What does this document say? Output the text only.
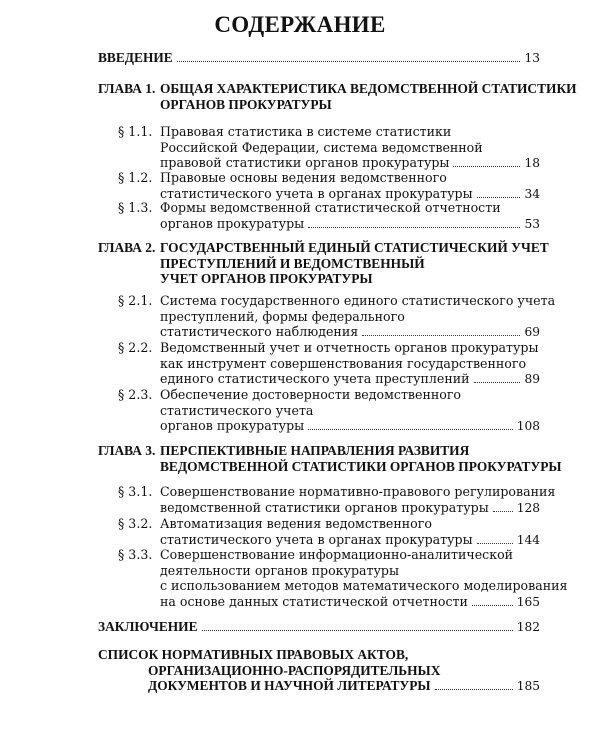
СОДЕРЖАНИЕ
ВВЕДЕНИЕ	13
ГЛАВА 1. ОБЩАЯ ХАРАКТЕРИСТИКА ВЕДОМСТВЕННОЙ СТАТИСТИКИ
ОРГАНОВ ПРОКУРАТУРЫ
§ 1.1. Правовая статистика в системе статистики
Российской Федерации, система ведомственной
правовой статистики органов прокуратуры	18
§ 1.2. Правовые основы ведения ведомственного
статистического учета в органах прокуратуры	34
§ 1.3. Формы ведомственной статистической отчетности
органов прокуратуры	53
ГЛАВА 2. ГОСУДАРСТВЕННЫЙ ЕДИНЫЙ СТАТИСТИЧЕСКИЙ УЧЕТ
ПРЕСТУПЛЕНИЙ И ВЕДОМСТВЕННЫЙ
УЧЕТ ОРГАНОВ ПРОКУРАТУРЫ
§ 2.1. Система государственного единого статистического учета
преступлений, формы федерального
статистического наблюдения	69
§ 2.2. Ведомственный учет и отчетность органов прокуратуры
как инструмент совершенствования государственного
единого статистического учета преступлений	89
§ 2.3. Обеспечение достоверности ведомственного
статистического учета
органов прокуратуры	108
ГЛАВА 3. ПЕРСПЕКТИВНЫЕ НАПРАВЛЕНИЯ РАЗВИТИЯ
ВЕДОМСТВЕННОЙ СТАТИСТИКИ ОРГАНОВ ПРОКУРАТУРЫ
§ 3.1. Совершенствование нормативно-правового регулирования
ведомственной статистики органов прокуратуры 128
§ 3.2. Автоматизация ведения ведомственного
статистического учета в органах прокуратуры	144
§ 3.3. Совершенствование информационно-аналитической
деятельности органов прокуратуры
с использованием методов математического моделирования
на основе данных статистической отчетности	165
ЗАКЛЮЧЕНИЕ	182
СПИСОК НОРМАТИВНЫХ ПРАВОВЫХ АКТОВ,
ОРГАНИЗАЦИОННО-РАСПОРЯДИТЕЛЬНЫХ
ДОКУМЕНТОВ И НАУЧНОЙ ЛИТЕРАТУРЫ	185
